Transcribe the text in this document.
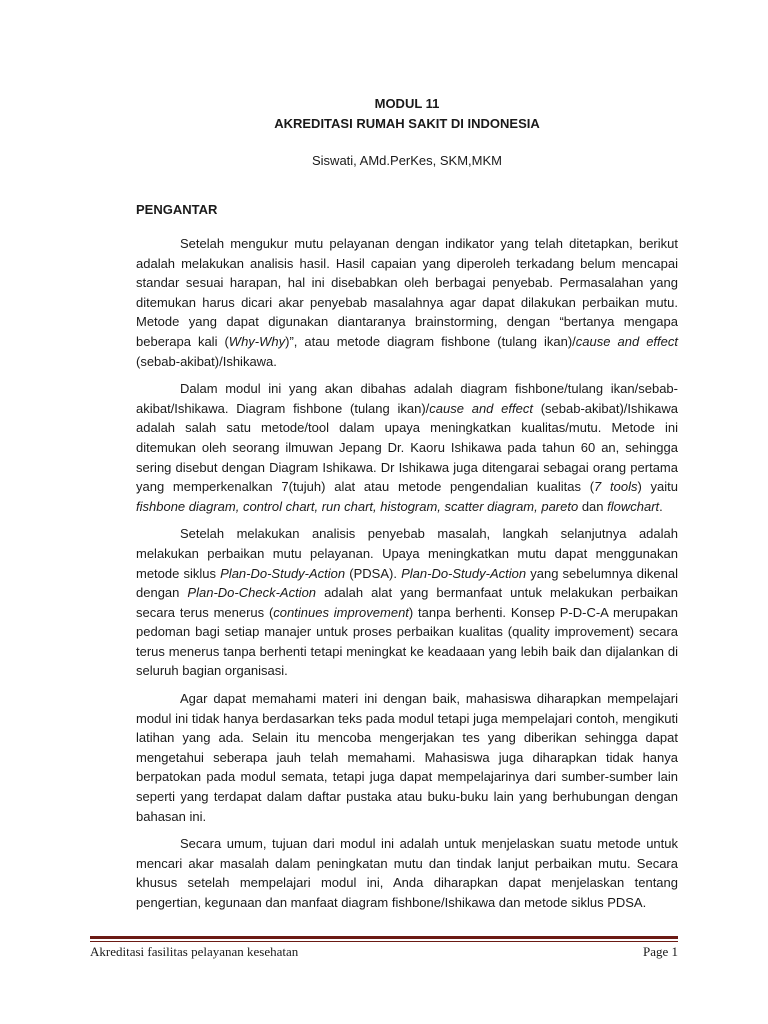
MODUL 11
AKREDITASI RUMAH SAKIT DI INDONESIA
Siswati, AMd.PerKes, SKM,MKM
PENGANTAR

Setelah mengukur mutu pelayanan dengan indikator yang telah ditetapkan, berikut adalah melakukan analisis hasil. Hasil capaian yang diperoleh terkadang belum mencapai standar sesuai harapan, hal ini disebabkan oleh berbagai penyebab. Permasalahan yang ditemukan harus dicari akar penyebab masalahnya agar dapat dilakukan perbaikan mutu. Metode yang dapat digunakan diantaranya brainstorming, dengan “bertanya mengapa beberapa kali (Why-Why)”, atau metode diagram fishbone (tulang ikan)/cause and effect (sebab-akibat)/Ishikawa.

Dalam modul ini yang akan dibahas adalah diagram fishbone/tulang ikan/sebab-akibat/Ishikawa. Diagram fishbone (tulang ikan)/cause and effect (sebab-akibat)/Ishikawa adalah salah satu metode/tool dalam upaya meningkatkan kualitas/mutu. Metode ini ditemukan oleh seorang ilmuwan Jepang Dr. Kaoru Ishikawa pada tahun 60 an, sehingga sering disebut dengan Diagram Ishikawa. Dr Ishikawa juga ditengarai sebagai orang pertama yang memperkenalkan 7(tujuh) alat atau metode pengendalian kualitas (7 tools) yaitu fishbone diagram, control chart, run chart, histogram, scatter diagram, pareto dan flowchart.

Setelah melakukan analisis penyebab masalah, langkah selanjutnya adalah melakukan perbaikan mutu pelayanan. Upaya meningkatkan mutu dapat menggunakan metode siklus Plan-Do-Study-Action (PDSA). Plan-Do-Study-Action yang sebelumnya dikenal dengan Plan-Do-Check-Action adalah alat yang bermanfaat untuk melakukan perbaikan secara terus menerus (continues improvement) tanpa berhenti. Konsep P-D-C-A merupakan pedoman bagi setiap manajer untuk proses perbaikan kualitas (quality improvement) secara terus menerus tanpa berhenti tetapi meningkat ke keadaaan yang lebih baik dan dijalankan di seluruh bagian organisasi.

Agar dapat memahami materi ini dengan baik, mahasiswa diharapkan mempelajari modul ini tidak hanya berdasarkan teks pada modul tetapi juga mempelajari contoh, mengikuti latihan yang ada. Selain itu mencoba mengerjakan tes yang diberikan sehingga dapat mengetahui seberapa jauh telah memahami. Mahasiswa juga diharapkan tidak hanya berpatokan pada modul semata, tetapi juga dapat mempelajarinya dari sumber-sumber lain seperti yang terdapat dalam daftar pustaka atau buku-buku lain yang berhubungan dengan bahasan ini.

Secara umum, tujuan dari modul ini adalah untuk menjelaskan suatu metode untuk mencari akar masalah dalam peningkatan mutu dan tindak lanjut perbaikan mutu. Secara khusus setelah mempelajari modul ini, Anda diharapkan dapat menjelaskan tentang pengertian, kegunaan dan manfaat diagram fishbone/Ishikawa dan metode siklus PDSA.

Akreditasi fasilitas pelayanan kesehatan	Page 1
